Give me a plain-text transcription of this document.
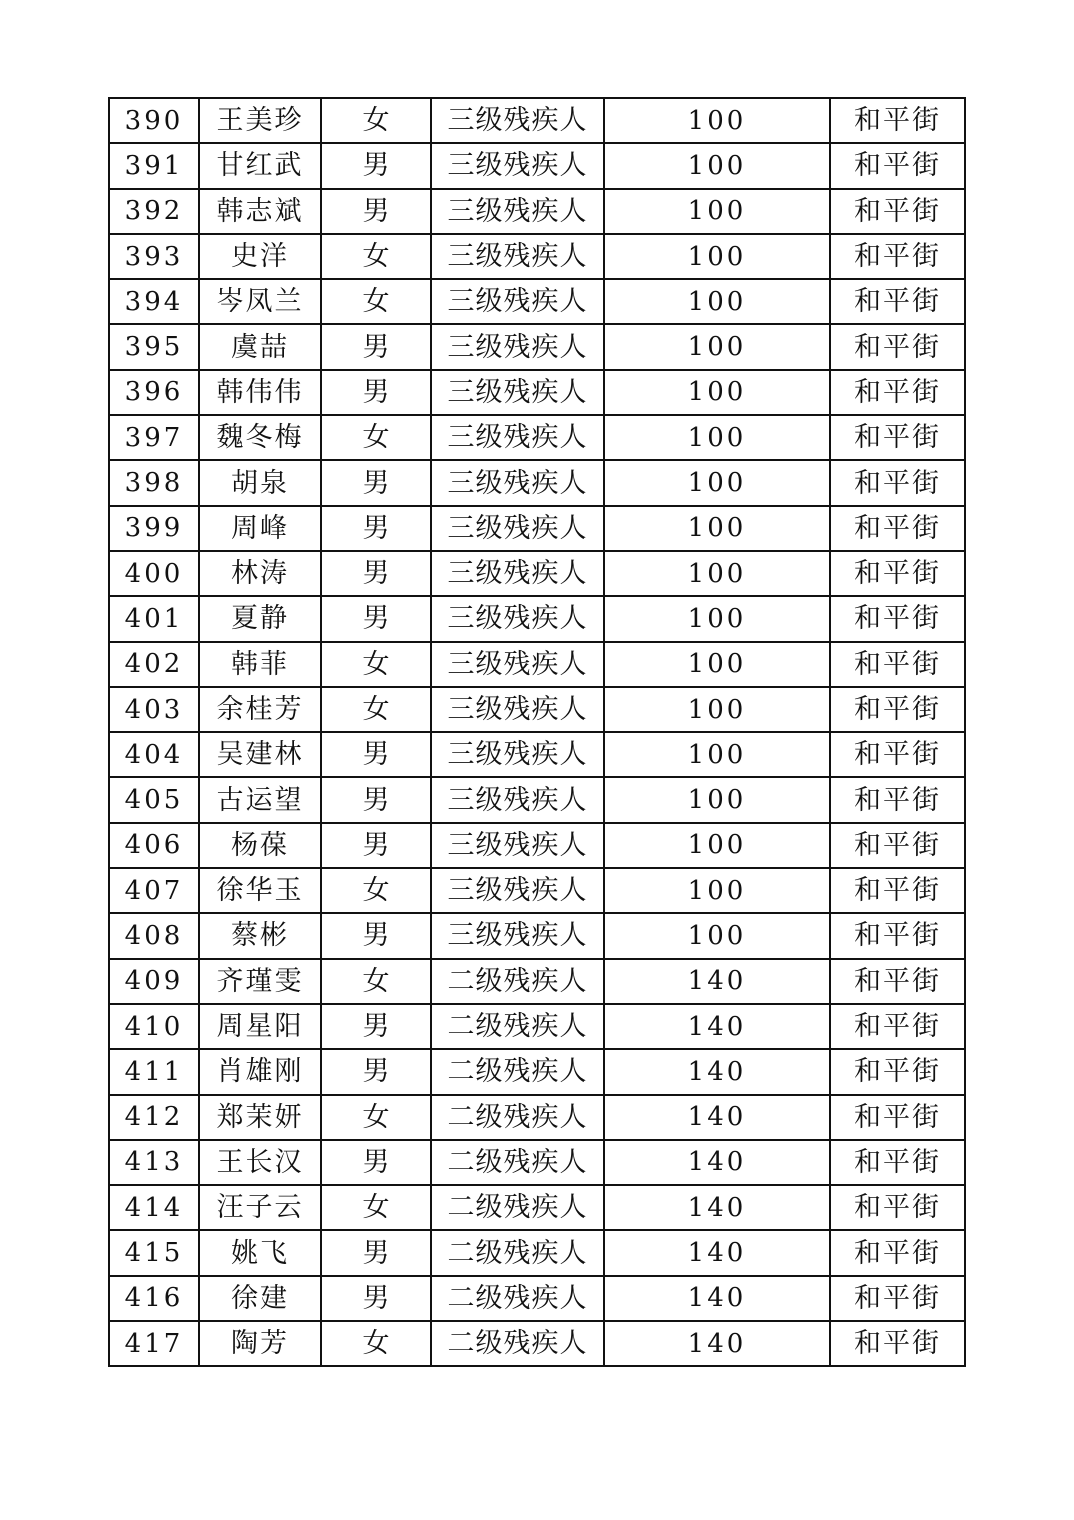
390	王美珍	女	三级残疾人	100	和平街
391	甘红武	男	三级残疾人	100	和平街
392	韩志斌	男	三级残疾人	100	和平街
393	史洋	女	三级残疾人	100	和平街
394	岑凤兰	女	三级残疾人	100	和平街
395	虞喆	男	三级残疾人	100	和平街
396	韩伟伟	男	三级残疾人	100	和平街
397	魏冬梅	女	三级残疾人	100	和平街
398	胡泉	男	三级残疾人	100	和平街
399	周峰	男	三级残疾人	100	和平街
400	林涛	男	三级残疾人	100	和平街
401	夏静	男	三级残疾人	100	和平街
402	韩菲	女	三级残疾人	100	和平街
403	余桂芳	女	三级残疾人	100	和平街
404	吴建林	男	三级残疾人	100	和平街
405	古运望	男	三级残疾人	100	和平街
406	杨葆	男	三级残疾人	100	和平街
407	徐华玉	女	三级残疾人	100	和平街
408	蔡彬	男	三级残疾人	100	和平街
409	齐瑾雯	女	二级残疾人	140	和平街
410	周星阳	男	二级残疾人	140	和平街
411	肖雄刚	男	二级残疾人	140	和平街
412	郑茉妍	女	二级残疾人	140	和平街
413	王长汉	男	二级残疾人	140	和平街
414	汪子云	女	二级残疾人	140	和平街
415	姚飞	男	二级残疾人	140	和平街
416	徐建	男	二级残疾人	140	和平街
417	陶芳	女	二级残疾人	140	和平街
